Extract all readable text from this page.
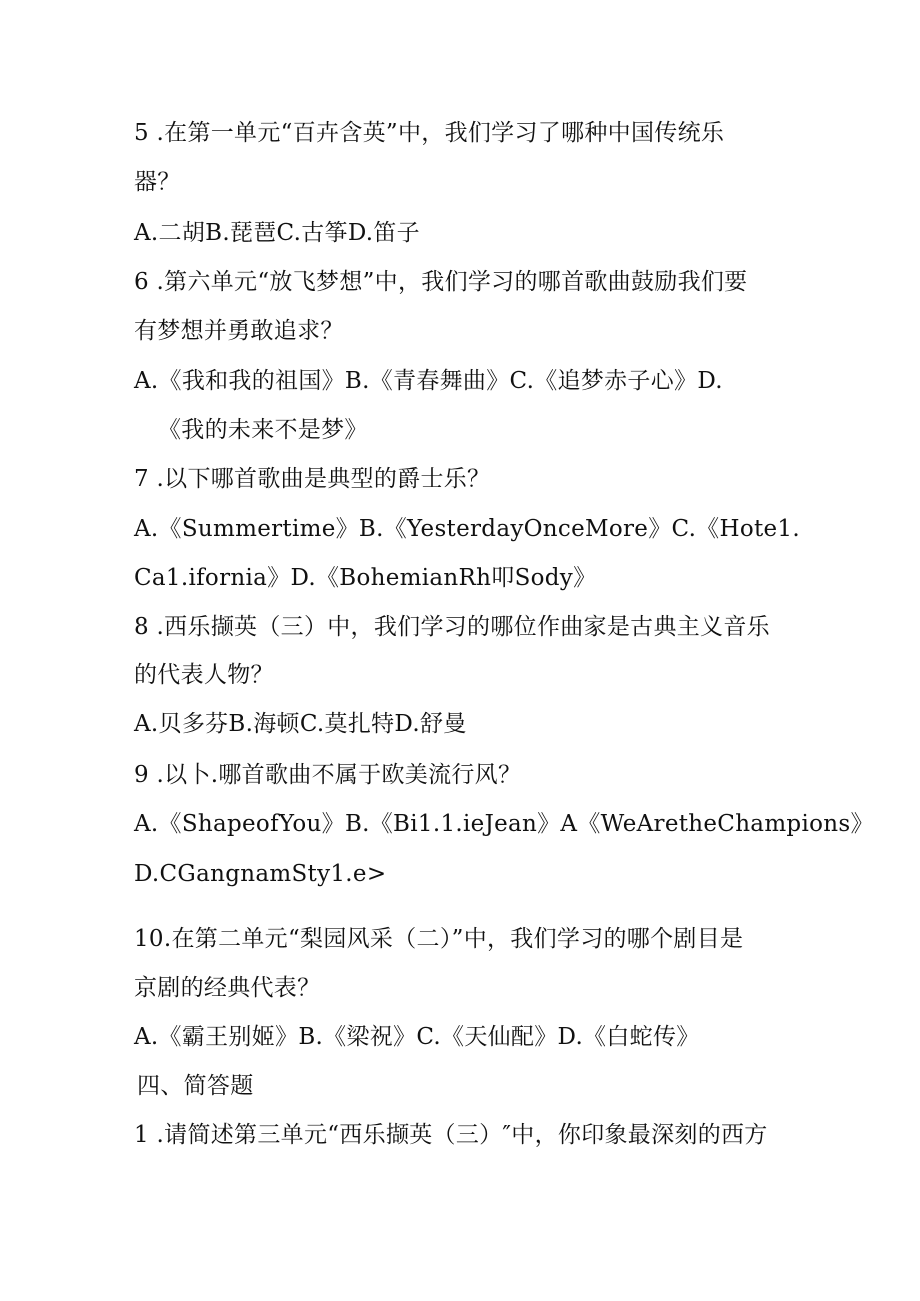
5 .在第一单元“百卉含英”中，我们学习了哪种中国传统乐
器？
A.二胡B.琵琶C.古筝D.笛子
6 .第六单元“放飞梦想”中，我们学习的哪首歌曲鼓励我们要
有梦想并勇敢追求？
A.《我和我的祖国》B.《青春舞曲》C.《追梦赤子心》D.
《我的未来不是梦》
7 .以下哪首歌曲是典型的爵士乐？
A.《Summertime》B.《YesterdayOnceMore》C.《Hote1.
Ca1.ifornia》D.《BohemianRh叩Sody》
8 .西乐撷英（三）中，我们学习的哪位作曲家是古典主义音乐
的代表人物？
A.贝多芬B.海顿C.莫扎特D.舒曼
9 .以卜.哪首歌曲不属于欧美流行风？
A.《ShapeofYou》B.《Bi1.1.ieJean》A《WeAretheChampions》
D.CGangnamSty1.e>
10.在第二单元“梨园风采（二）”中，我们学习的哪个剧目是
京剧的经典代表？
A.《霸王别姬》B.《梁祝》C.《天仙配》D.《白蛇传》
四、简答题
1 .请简述第三单元“西乐撷英（三）″中，你印象最深刻的西方
